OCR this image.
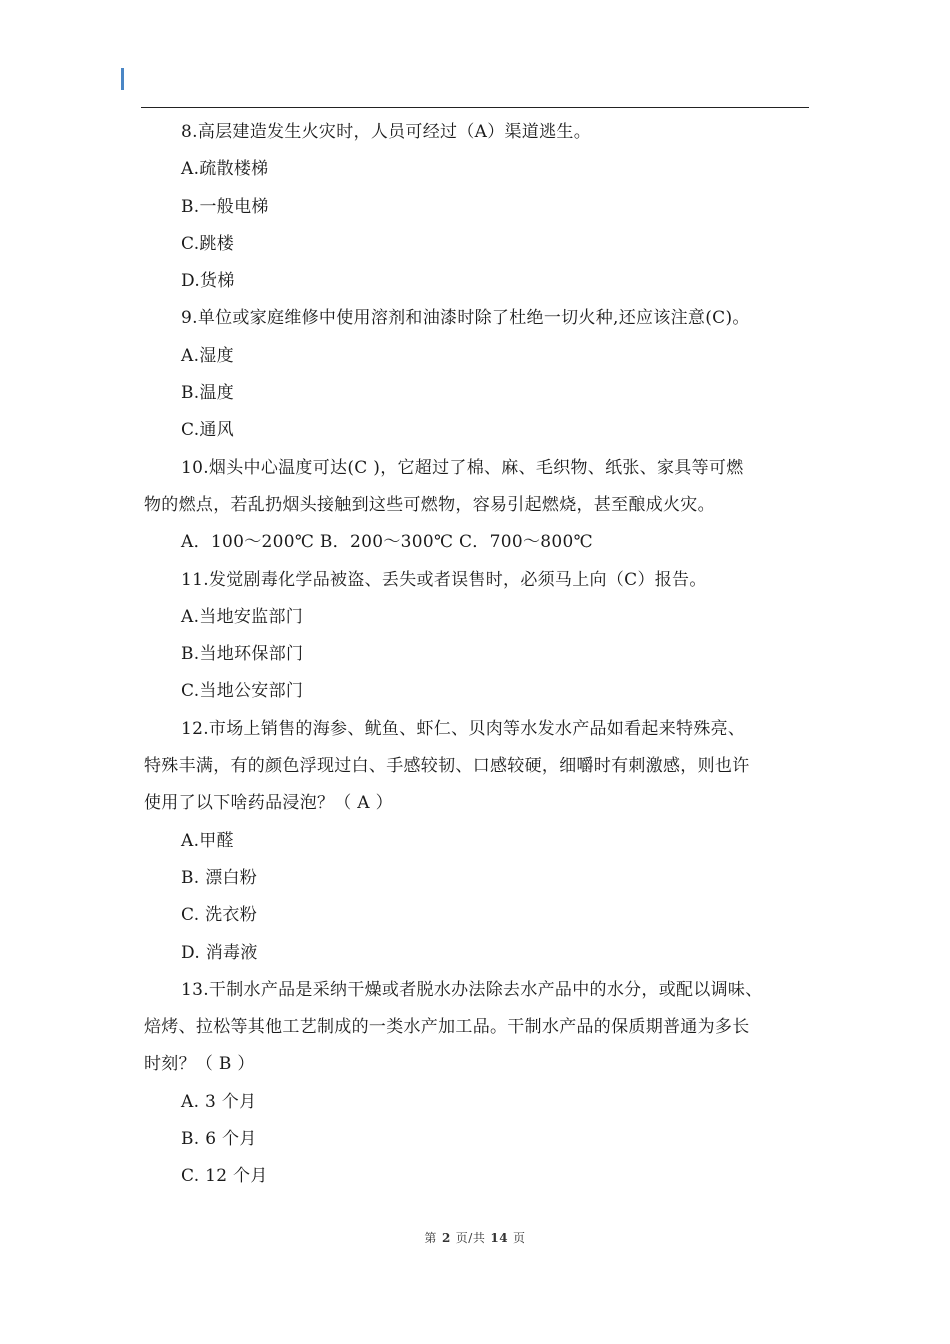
8.高层建造发生火灾时，人员可经过（A）渠道逃生。
A.疏散楼梯
B.一般电梯
C.跳楼
D.货梯
9.单位或家庭维修中使用溶剂和油漆时除了杜绝一切火种,还应该注意(C)。
A.湿度
B.温度
C.通风
10.烟头中心温度可达(C )，它超过了棉、麻、毛织物、纸张、家具等可燃
物的燃点，若乱扔烟头接触到这些可燃物，容易引起燃烧，甚至酿成火灾。
A．100～200℃ B．200～300℃ C．700～800℃
11.发觉剧毒化学品被盗、丢失或者误售时，必须马上向（C）报告。
A.当地安监部门
B.当地环保部门
C.当地公安部门
12.市场上销售的海参、鱿鱼、虾仁、贝肉等水发水产品如看起来特殊亮、
特殊丰满，有的颜色浮现过白、手感较韧、口感较硬，细嚼时有刺激感，则也许
使用了以下啥药品浸泡？（ A ）
A.甲醛
B. 漂白粉
C. 洗衣粉
D. 消毒液
13.干制水产品是采纳干燥或者脱水办法除去水产品中的水分，或配以调味、
焙烤、拉松等其他工艺制成的一类水产加工品。干制水产品的保质期普通为多长
时刻？（ B ）
A. 3 个月
B. 6 个月
C. 12 个月
第 2 页/共 14 页
